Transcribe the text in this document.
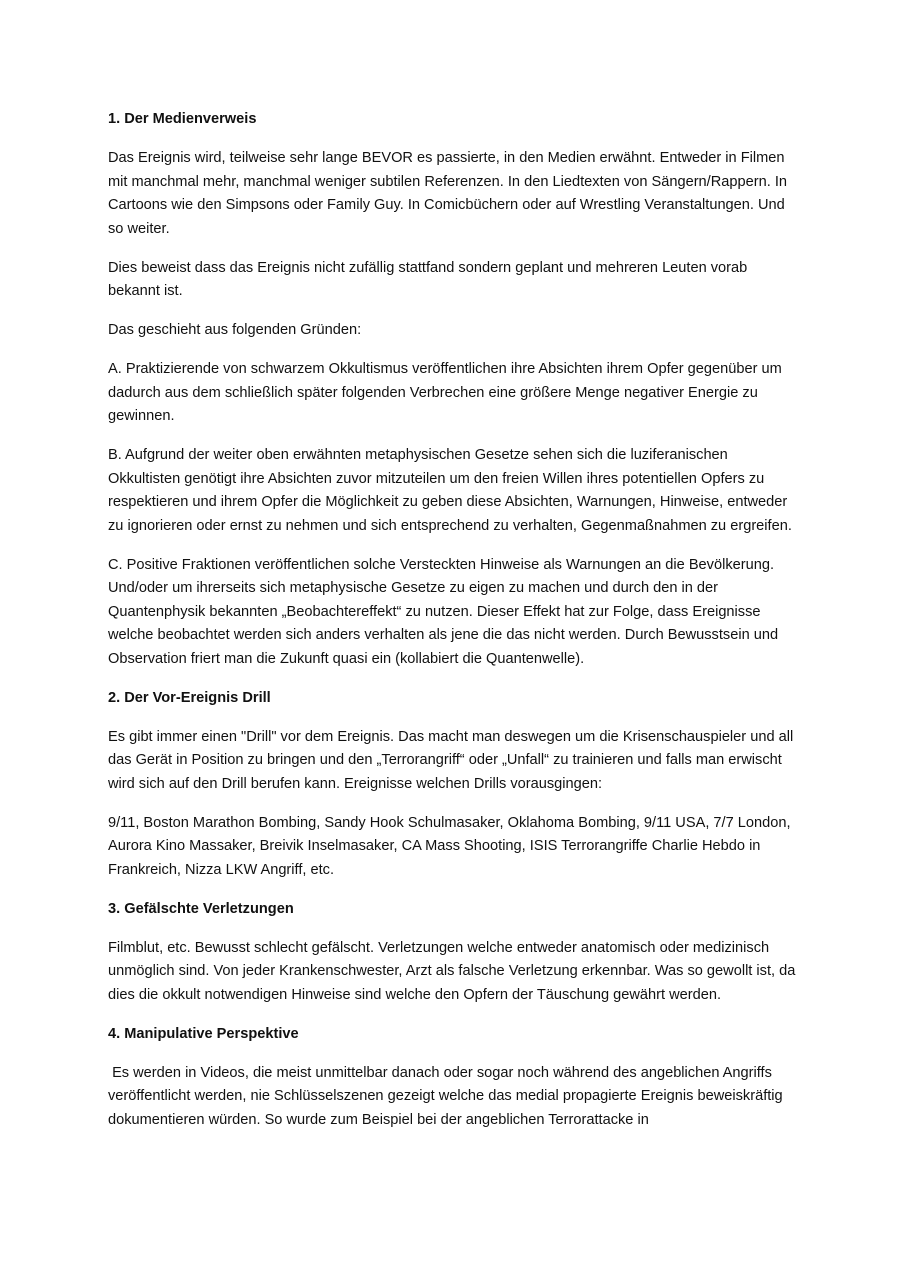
1. Der Medienverweis

Das Ereignis wird, teilweise sehr lange BEVOR es passierte, in den Medien erwähnt. Entweder in Filmen mit manchmal mehr, manchmal weniger subtilen Referenzen. In den Liedtexten von Sängern/Rappern. In Cartoons wie den Simpsons oder Family Guy. In Comicbüchern oder auf Wrestling Veranstaltungen. Und so weiter.

Dies beweist dass das Ereignis nicht zufällig stattfand sondern geplant und mehreren Leuten vorab bekannt ist.

Das geschieht aus folgenden Gründen:

A. Praktizierende von schwarzem Okkultismus veröffentlichen ihre Absichten ihrem Opfer gegenüber um dadurch aus dem schließlich später folgenden Verbrechen eine größere Menge negativer Energie zu gewinnen.

B. Aufgrund der weiter oben erwähnten metaphysischen Gesetze sehen sich die luziferanischen Okkultisten genötigt ihre Absichten zuvor mitzuteilen um den freien Willen ihres potentiellen Opfers zu respektieren und ihrem Opfer die Möglichkeit zu geben diese Absichten, Warnungen, Hinweise, entweder zu ignorieren oder ernst zu nehmen und sich entsprechend zu verhalten, Gegenmaßnahmen zu ergreifen.

C. Positive Fraktionen veröffentlichen solche Versteckten Hinweise als Warnungen an die Bevölkerung. Und/oder um ihrerseits sich metaphysische Gesetze zu eigen zu machen und durch den in der Quantenphysik bekannten „Beobachtereffekt“ zu nutzen. Dieser Effekt hat zur Folge, dass Ereignisse welche beobachtet werden sich anders verhalten als jene die das nicht werden. Durch Bewusstsein und Observation friert man die Zukunft quasi ein (kollabiert die Quantenwelle).

2. Der Vor-Ereignis Drill

Es gibt immer einen "Drill" vor dem Ereignis. Das macht man deswegen um die Krisenschauspieler und all das Gerät in Position zu bringen und den „Terrorangriff“ oder „Unfall“ zu trainieren und falls man erwischt wird sich auf den Drill berufen kann. Ereignisse welchen Drills vorausgingen:

9/11, Boston Marathon Bombing, Sandy Hook Schulmasaker, Oklahoma Bombing, 9/11 USA, 7/7 London, Aurora Kino Massaker, Breivik Inselmasaker, CA Mass Shooting, ISIS Terrorangriffe Charlie Hebdo in Frankreich, Nizza LKW Angriff, etc.

3. Gefälschte Verletzungen

Filmblut, etc. Bewusst schlecht gefälscht. Verletzungen welche entweder anatomisch oder medizinisch unmöglich sind. Von jeder Krankenschwester, Arzt als falsche Verletzung erkennbar. Was so gewollt ist, da dies die okkult notwendigen Hinweise sind welche den Opfern der Täuschung gewährt werden.

4. Manipulative Perspektive

Es werden in Videos, die meist unmittelbar danach oder sogar noch während des angeblichen Angriffs veröffentlicht werden, nie Schlüsselszenen gezeigt welche das medial propagierte Ereignis beweiskräftig dokumentieren würden. So wurde zum Beispiel bei der angeblichen Terrorattacke in
